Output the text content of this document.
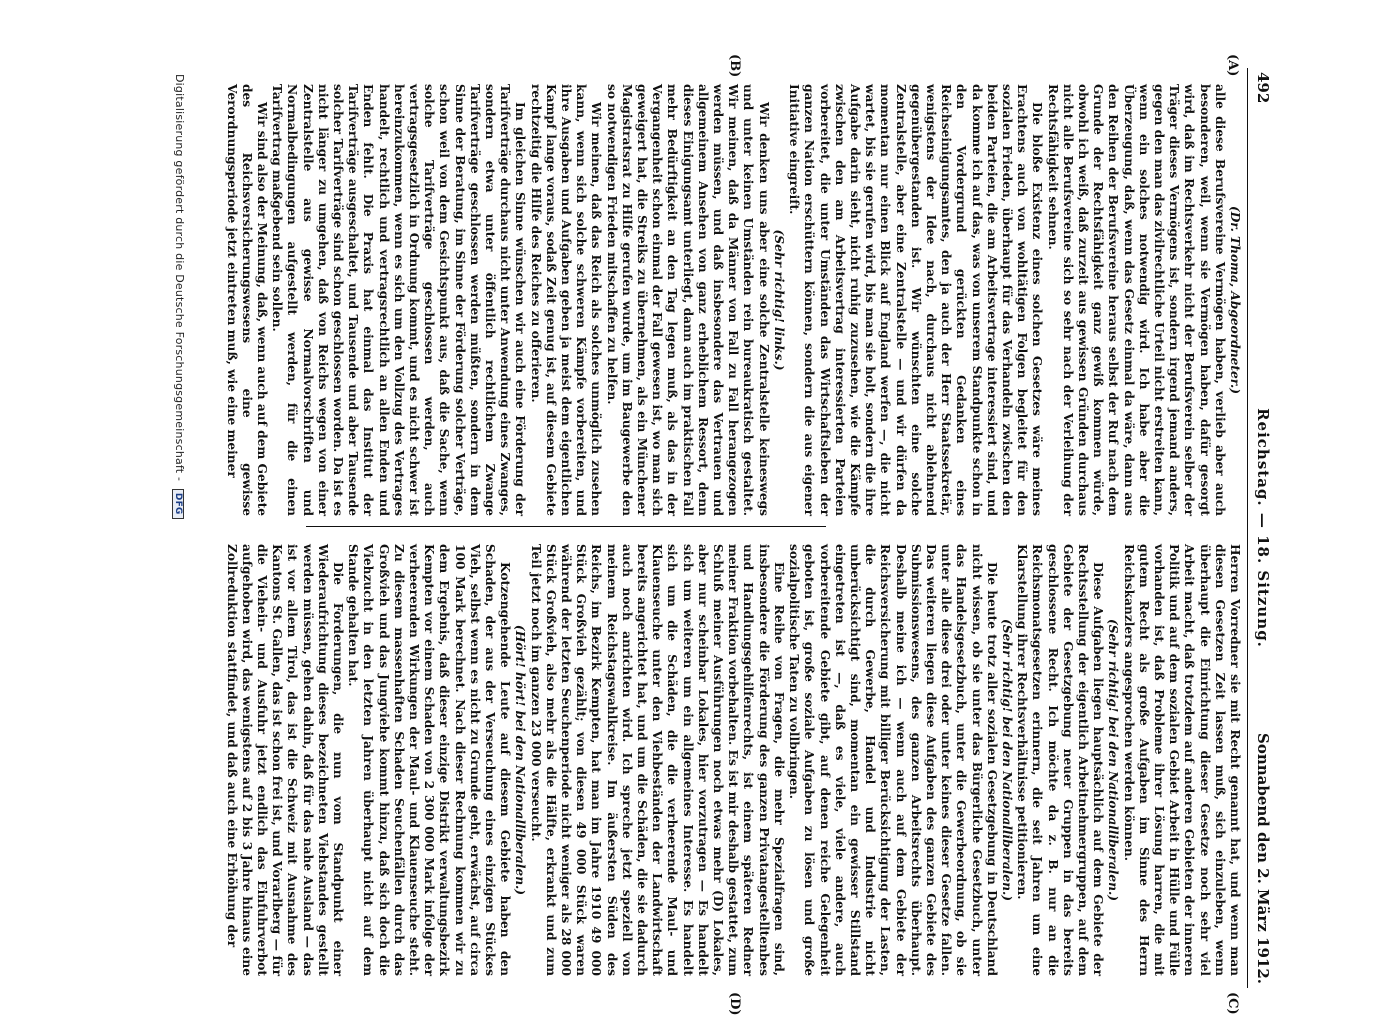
492
Reichstag. — 18. Sitzung.
Sonnabend den 2. März 1912.
(A)
(B)
(C)
(D)

(Dr. Thoma, Abgeordneter.)

alle diese Berufsvereine Vermögen haben, verlieb aber auch besonderen, weil, wenn sie Vermögen haben, dafür gesorgt wird, daß im Rechtsverkehr nicht der Berufsverein selber der Träger dieses Vermögens ist, sondern irgend jemand anders, gegen den man das zivilrechtliche Urteil nicht erstreiten kann, wenn ein solches notwendig wird. Ich habe aber die Überzeugung, daß, wenn das Gesetz einmal da wäre, dann aus den Reihen der Berufsvereine heraus selbst der Ruf nach dem Grunde der Rechtsfähigkeit ganz gewiß kommen würde, obwohl ich weiß, daß zurzeit aus gewissen Gründen durchaus nicht alle Berufsvereine sich so sehr nach der Verleihung der Rechtsfähigkeit sehnen.

Die bloße Existenz eines solchen Gesetzes wäre meines Erachtens auch von wohltätigen Folgen begleitet für den sozialen Frieden, überhaupt für das Verhandeln zwischen den beiden Parteien, die am Arbeitsvertrage interessiert sind, und da komme ich auf das, was von unserem Standpunkte schon in den Vordergrund gerückten Gedanken eines Reichseinigungsamtes, den ja auch der Herr Staatssekretär, wenigstens der Idee nach, durchaus nicht ablehnend gegenübergestanden ist. Wir wünschten eine solche Zentralstelle, aber eine Zentralstelle — und wir dürfen da momentan nur einen Blick auf England werfen —, die nicht wartet, bis sie gerufen wird, bis man sie holt, sondern die ihre Aufgabe darin sieht, nicht ruhig zuzusehen, wie die Kämpfe zwischen den am Arbeitsvertrag interessierten Parteien vorbereitet, die unter Umständen das Wirtschaftsleben der ganzen Nation erschüttern können, sondern die aus eigener Initiative eingreift.

(Sehr richtig! links.)

Wir denken uns aber eine solche Zentralstelle keineswegs und unter keinen Umständen rein bureaukratisch gestaltet. Wir meinen, daß da Männer von Fall zu Fall herangezogen werden müssen, und daß insbesondere das Vertrauen und allgemeinem Ansehen von ganz erheblichem Ressort, denn dieses Einigungsamt unterliegt, dann auch im praktischen Fall mehr Bedürftigkeit an den Tag legen muß, als das in der Vergangenheit schon einmal der Fall gewesen ist, wo man sich geweigert hat, die Streiks zu übernehmen, als ein Münchener Magistratsrat zu Hilfe gerufen wurde, um im Baugewerbe den so notwendigen Frieden mitschaffen zu helfen.

Wir meinen, daß das Reich als solches unmöglich zusehen kann, wenn sich solche schweren Kämpfe vorbereiten, und ihre Ausgaben und Aufgaben geben ja meist dem eigentlichen Kampf lange voraus, sodaß Zeit genug ist, auf diesem Gebiete rechtzeitig die Hilfe des Reiches zu offerieren.

Im gleichen Sinne wünschen wir auch eine Förderung der Tarifverträge durchaus nicht unter Anwendung eines Zwanges, sondern etwa unter öffentlich rechtlichem Zwange Tarifverträge geschlossen werden müßten, sondern in dem Sinne der Beratung, im Sinne der Förderung solcher Verträge, schon weil von dem Gesichtspunkt aus, daß die Sache, wenn solche Tarifverträge geschlossen werden, auch vertragsgesetzlich in Ordnung kommt, und es nicht schwer ist hereinzukommen, wenn es sich um den Vollzug des Vertrages handelt, rechtlich und vertragsrechtlich an allen Enden und Enden fehlt. Die Praxis hat einmal das Institut der Tarifverträge ausgeschaltet, und Tausende und aber Tausende solcher Tarifverträge sind schon geschlossen worden. Da ist es nicht länger zu umgehen, daß von Reichs wegen von einer Zentralstelle aus gewisse Normalvorschriften und Normalbedingungen aufgestellt werden, für die einen Tarifvertrag maßgebend sein sollen.

Wir sind also der Meinung, daß, wenn auch auf dem Gebiete des Reichsversicherungswesens eine gewisse Verordnungsperiode jetzt eintreten muß, wie eine meiner

Herren Vorredner sie mit Recht genannt hat, und wenn man diesen Gesetzen Zeit lassen muß, sich einzuleben, wenn überhaupt die Einrichtung dieser Gesetze noch sehr viel Arbeit macht, daß trotzdem auf anderen Gebieten der inneren Politik und auf dem sozialen Gebiet Arbeit in Hülle und Fülle vorhanden ist, daß Probleme ihrer Lösung harren, die mit gutem Recht als große Aufgaben im Sinne des Herrn Reichskanzlers angesprochen werden können.

(Sehr richtig! bei den Nationalliberalen.)

Diese Aufgaben liegen hauptsächlich auf dem Gebiete der Rechtsstellung der eigentlich Arbeitnehmergruppen, auf dem Gebiete der Gesetzgebung neuer Gruppen in das bereits geschlossene Recht. Ich möchte da z. B. nur an die Reichsmonatsgesetzen erinnern, die seit Jahren um eine Klarstellung ihrer Rechtsverhältnisse petitionieren.

(Sehr richtig! bei den Nationalliberalen.)

Die heute trotz aller sozialen Gesetzgebung in Deutschland nicht wissen, ob sie unter das Bürgerliche Gesetzbuch, unter das Handelsgesetzbuch, unter die Gewerbeordnung, ob sie unter alle diese drei oder unter keines dieser Gesetze fallen. Das weiteren liegen diese Aufgaben des ganzen Gebiete des Submissionswesens, des ganzen Arbeitsrechts überhaupt. Deshalb meine ich — wenn auch auf dem Gebiete der Reichsversicherung mit billiger Berücksichtigung der Lasten, die durch Gewerbe, Handel und Industrie nicht unberücksichtigt sind, momentan ein gewisser Stillstand eingetreten ist —, daß es viele, viele andere, auch vorbereitende Gebiete gibt, auf denen reiche Gelegenheit geboten ist, große soziale Aufgaben zu lösen und große sozialpolitische Taten zu vollbringen.

Eine Reihe von Fragen, die mehr Spezialfragen sind, insbesondere die Förderung des ganzen Privatangestelltenbes und Handlungsgehilfenrechts, ist einem späteren Redner meiner Fraktion vorbehalten. Es ist mir deshalb gestattet, zum Schluß meiner Ausführungen noch etwas mehr (D) Lokales, aber nur scheinbar Lokales, hier vorzutragen — Es handelt sich um weiteren um ein allgemeines Interesse. Es handelt sich um die Schäden, die die verheerende Maul- und Klauenseuche unter den Viehbeständen der Landwirtschaft bereits angerichtet hat, und um die Schäden, die sie dadurch auch noch anrichten wird. Ich spreche jetzt speziell von meinem Reichstagswahlkreise. Im äußersten Süden des Reichs, im Bezirk Kempten, hat man im Jahre 1910 49 000 Stück Großvieh gezählt; von diesen 49 000 Stück waren während der letzten Seuchenperiode nicht weniger als 28 000 Stück Großvieh, also mehr als die Hälfte, erkrankt und zum Teil jetzt noch im ganzen 23 000 verseucht.

(Hört! hört! bei den Nationalliberalen.)

Kotzengehende Leute auf diesem Gebiete haben den Schaden, der aus der Verseuchung eines einzigen Stückes Vieh, selbst wenn es nicht zu Grunde geht, erwächst, auf circa 100 Mark berechnet. Nach dieser Rechnung kommen wir zu dem Ergebnis, daß dieser einzige Distrikt verwaltungsbezirk Kempten vor einem Schaden von 2 300 000 Mark infolge der verheerenden Wirkungen der Maul- und Klauenseuche steht. Zu diesem massenhaften Schaden Seuchenfällen durch das Großvieh und das Jungviehe kommt hinzu, daß sich doch die Viehzucht in den letzten Jahren überhaupt nicht auf dem Stande gehalten hat.

Die Forderungen, die nun vom Standpunkt einer Wiederaufrichtung dieses bezeichneten Viehstandes gestellt werden müssen, gehen dahin, daß für das nahe Ausland — das ist vor allem Tirol, das ist die Schweiz mit Ausnahme des Kantons St. Gallen, das ist schon frei ist, und Vorarlberg — für die Viehein- und Ausfuhr jetzt endlich das Einfuhrverbot aufgehoben wird, das wenigstens auf 2 bis 3 Jahre hinaus eine Zollreduktion stattfindet, und daß auch eine Erhöhung der

Digitalisierung gefördert durch die Deutsche Forschungsgemeinschaft - DFG
